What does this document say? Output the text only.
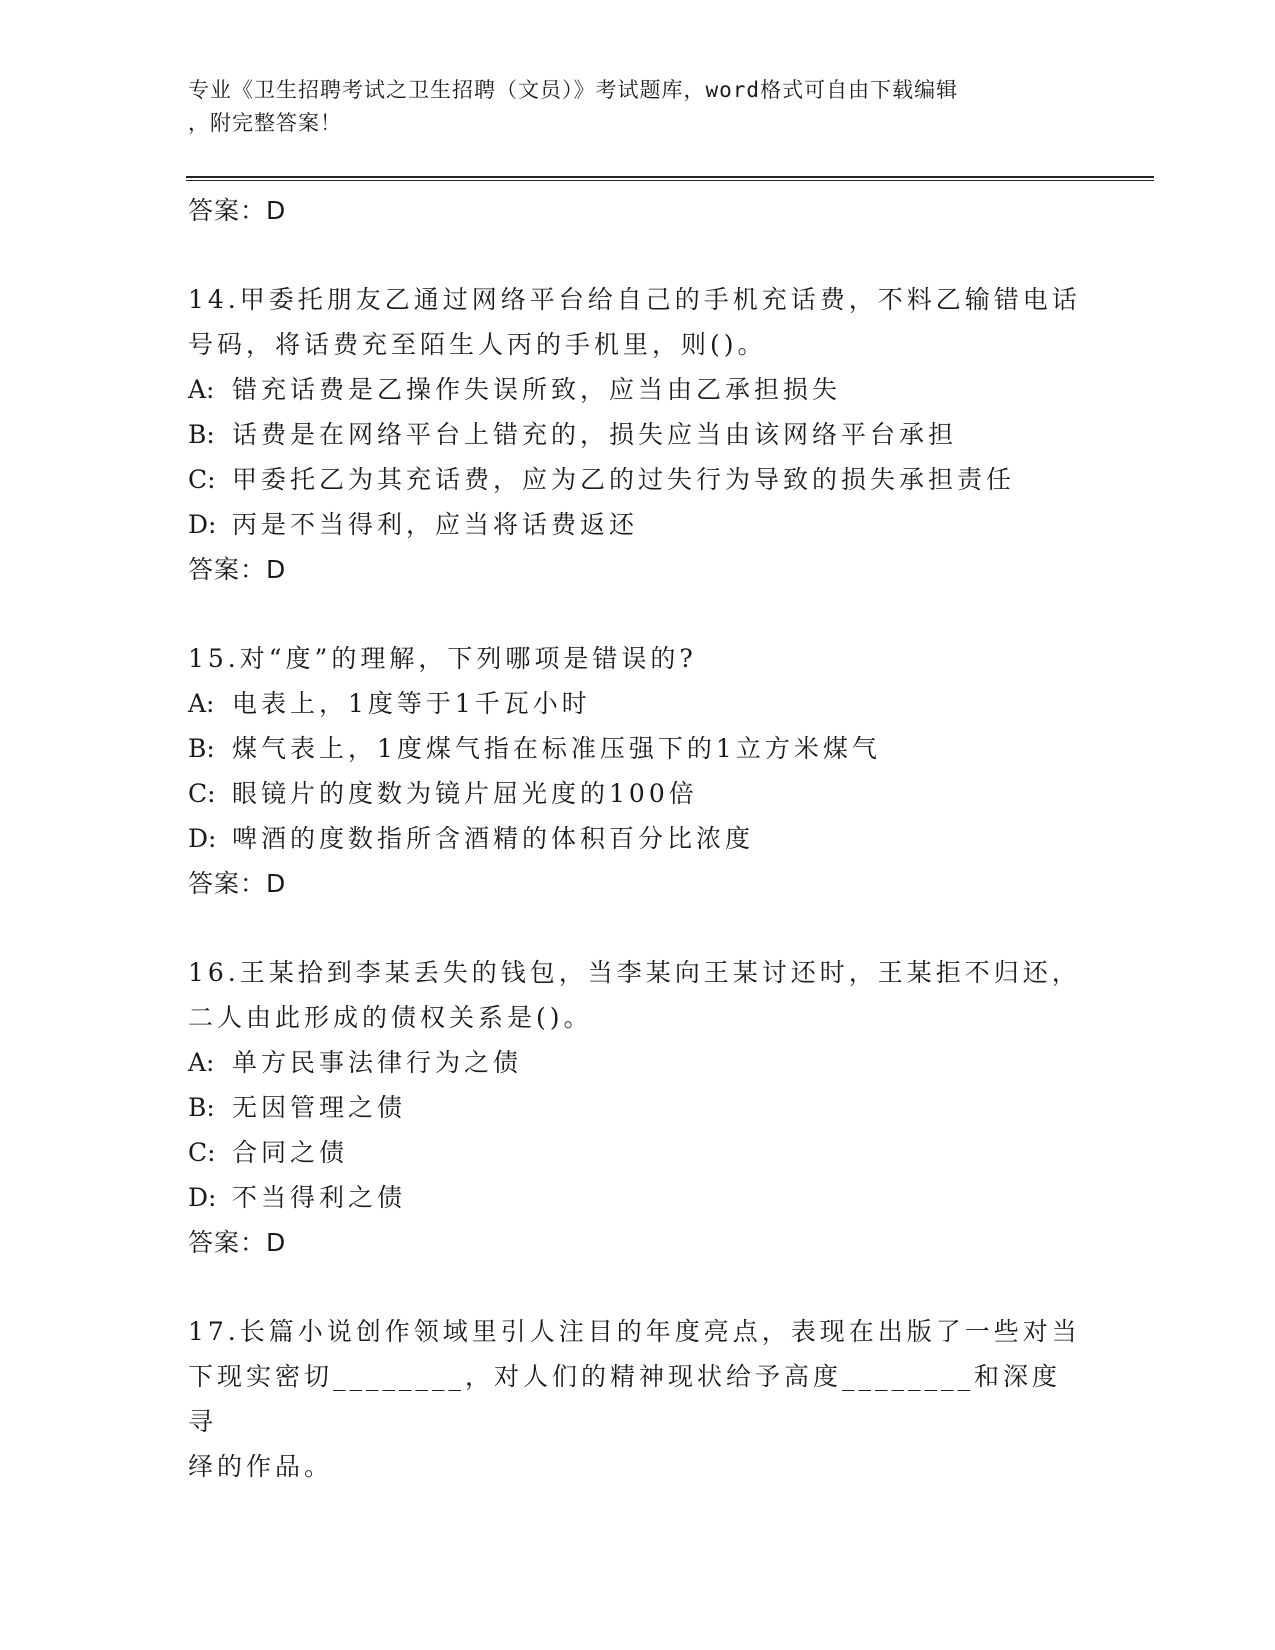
专业《卫生招聘考试之卫生招聘（文员）》考试题库，word格式可自由下载编辑
，附完整答案！
答案：D
14.甲委托朋友乙通过网络平台给自己的手机充话费，不料乙输错电话
号码，将话费充至陌生人丙的手机里，则()。
A: 错充话费是乙操作失误所致，应当由乙承担损失
B: 话费是在网络平台上错充的，损失应当由该网络平台承担
C: 甲委托乙为其充话费，应为乙的过失行为导致的损失承担责任
D: 丙是不当得利，应当将话费返还
答案：D
15.对“度”的理解，下列哪项是错误的?
A: 电表上，1度等于1千瓦小时
B: 煤气表上，1度煤气指在标准压强下的1立方米煤气
C: 眼镜片的度数为镜片屈光度的100倍
D: 啤酒的度数指所含酒精的体积百分比浓度
答案：D
16.王某拾到李某丢失的钱包，当李某向王某讨还时，王某拒不归还，
二人由此形成的债权关系是()。
A: 单方民事法律行为之债
B: 无因管理之债
C: 合同之债
D: 不当得利之债
答案：D
17.长篇小说创作领域里引人注目的年度亮点，表现在出版了一些对当
下现实密切________，对人们的精神现状给予高度________和深度寻
绎的作品。
